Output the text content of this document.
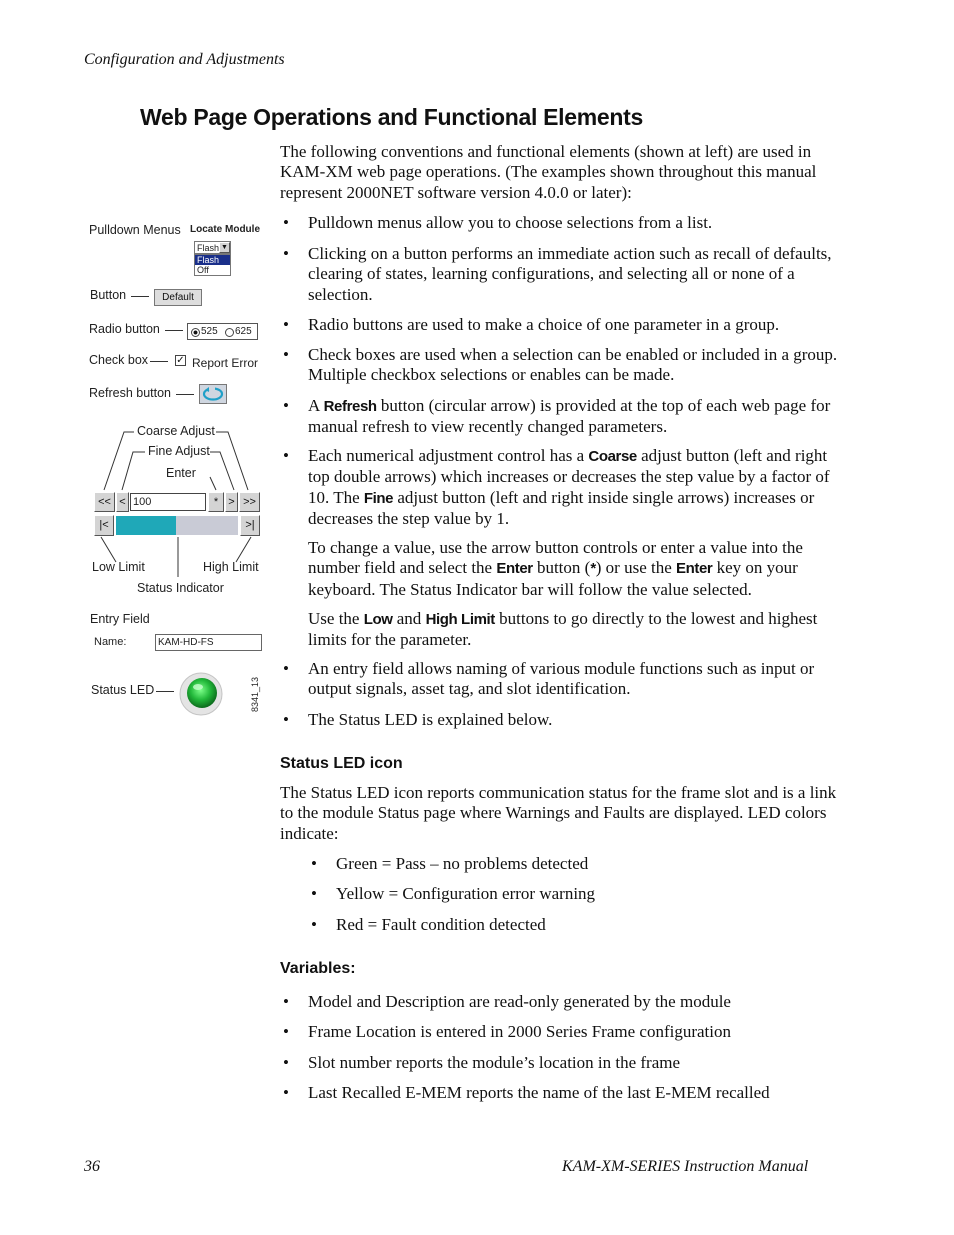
Configuration and Adjustments
Web Page Operations and Functional Elements
The following conventions and functional elements (shown at left) are used in KAM-XM web page operations. (The examples shown throughout this manual represent 2000NET software version 4.0.0 or later):
• Pulldown menus allow you to choose selections from a list.
• Clicking on a button performs an immediate action such as recall of defaults, clearing of states, learning configurations, and selecting all or none of a selection.
• Radio buttons are used to make a choice of one parameter in a group.
• Check boxes are used when a selection can be enabled or included in a group. Multiple checkbox selections or enables can be made.
• A Refresh button (circular arrow) is provided at the top of each web page for manual refresh to view recently changed parameters.
• Each numerical adjustment control has a Coarse adjust button (left and right top double arrows) which increases or decreases the step value by a factor of 10. The Fine adjust button (left and right inside single arrows) increases or decreases the step value by 1.
To change a value, use the arrow button controls or enter a value into the number field and select the Enter button (*) or use the Enter key on your keyboard. The Status Indicator bar will follow the value selected.
Use the Low and High Limit buttons to go directly to the lowest and highest limits for the parameter.
• An entry field allows naming of various module functions such as input or output signals, asset tag, and slot identification.
• The Status LED is explained below.
Status LED icon
The Status LED icon reports communication status for the frame slot and is a link to the module Status page where Warnings and Faults are displayed. LED colors indicate:
• Green = Pass – no problems detected
• Yellow = Configuration error warning
• Red = Fault condition detected
Variables:
• Model and Description are read-only generated by the module
• Frame Location is entered in 2000 Series Frame configuration
• Slot number reports the module’s location in the frame
• Last Recalled E-MEM reports the name of the last E-MEM recalled
Pulldown Menus Locate Module
Flash ▼
Flash
Off
Button	Default
Radio button	525 625
Check box	✓ Report Error
Refresh button
Coarse Adjust
Fine Adjust
Enter
<< < 100	* > >>
|<	>|
Low Limit	High Limit
Status Indicator
Entry Field
Name:	KAM-HD-FS
Status LED	8341_13
36	KAM-XM-SERIES Instruction Manual
